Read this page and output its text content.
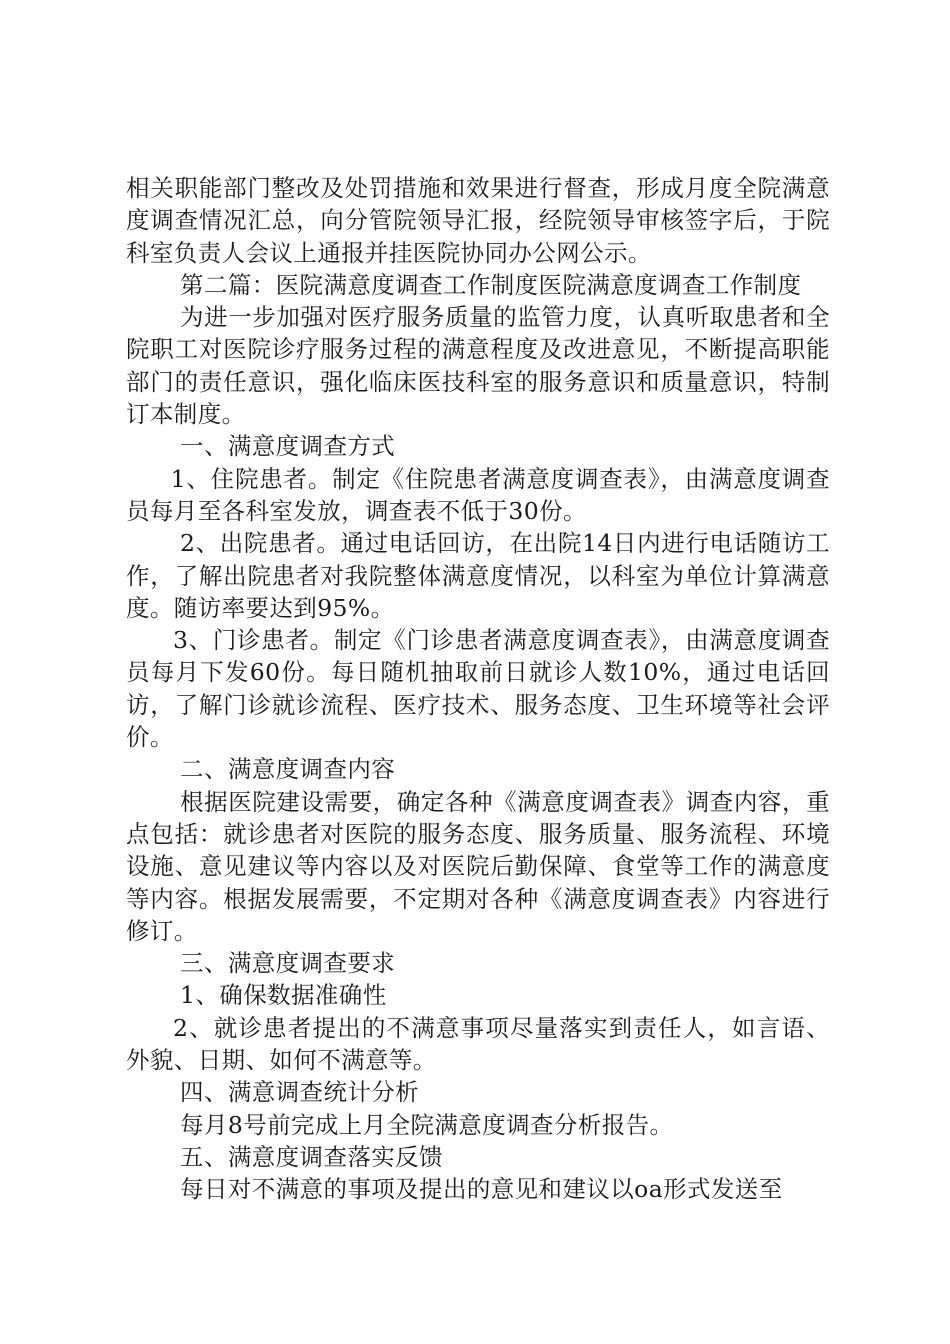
相关职能部门整改及处罚措施和效果进行督查，形成月度全院满意度调查情况汇总，向分管院领导汇报，经院领导审核签字后，于院科室负责人会议上通报并挂医院协同办公网公示。

第二篇：医院满意度调查工作制度医院满意度调查工作制度

为进一步加强对医疗服务质量的监管力度，认真听取患者和全院职工对医院诊疗服务过程的满意程度及改进意见，不断提高职能部门的责任意识，强化临床医技科室的服务意识和质量意识，特制订本制度。

一、满意度调查方式

1、住院患者。制定《住院患者满意度调查表》，由满意度调查员每月至各科室发放，调查表不低于30份。

2、出院患者。通过电话回访，在出院14日内进行电话随访工作，了解出院患者对我院整体满意度情况，以科室为单位计算满意度。随访率要达到95%。

3、门诊患者。制定《门诊患者满意度调查表》，由满意度调查员每月下发60份。每日随机抽取前日就诊人数10%，通过电话回访，了解门诊就诊流程、医疗技术、服务态度、卫生环境等社会评价。

二、满意度调查内容

根据医院建设需要，确定各种《满意度调查表》调查内容，重点包括：就诊患者对医院的服务态度、服务质量、服务流程、环境设施、意见建议等内容以及对医院后勤保障、食堂等工作的满意度等内容。根据发展需要，不定期对各种《满意度调查表》内容进行修订。

三、满意度调查要求

1、确保数据准确性

2、就诊患者提出的不满意事项尽量落实到责任人，如言语、外貌、日期、如何不满意等。

四、满意调查统计分析

每月8号前完成上月全院满意度调查分析报告。

五、满意度调查落实反馈

每日对不满意的事项及提出的意见和建议以oa形式发送至
